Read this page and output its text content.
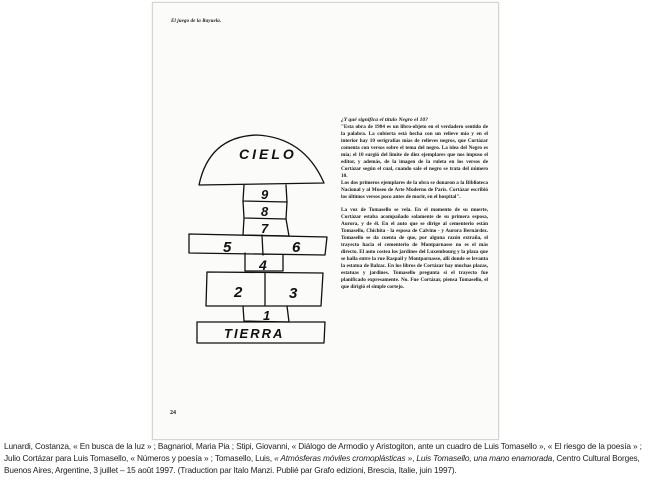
El juego de la Rayuela.
CIELO
9
8
7
5	6
4
2	3
1
TIERRA
24

¿Y qué significa el título Negro el 10?

"Esta obra de 1984 es un libro-objeto en el verdadero sentido de la palabra. La cubierta está hecha con un relieve mío y en el interior hay 10 serigrafías mías de relieves negros, que Cortázar comenta con versos sobre el tema del negro. La idea del Negro es mía; el 10 surgió del límite de diez ejemplares que nos impuso el editor, y además, de la imagen de la ruleta en los versos de Cortázar según el cual, cuando sale el negro se trata del número 10.

Los dos primeros ejemplares de la obra se donaron a la Biblioteca Nacional y al Museo de Arte Moderno de París. Cortázar escribió los últimos versos poco antes de morir, en el hospital".

La voz de Tomasello se vela. En el momento de su muerte, Cortázar estaba acompañado solamente de su primera esposa, Aurora, y de él. En el auto que se dirige al cementerio están Tomasello, Chichita - la esposa de Calvino - y Aurora Bernárdez. Tomasello se da cuenta de que, por alguna razón extraña, el trayecto hacia el cementerio de Montparnasse no es el más directo. El auto costea los jardines del Luxembourg y la plaza que se halla entre la rue Raspail y Montparnasse, allí donde se levanta la estatua de Balzac. En los libros de Cortázar hay muchas plazas, estatuas y jardines. Tomasello pregunta si el trayecto fue planificado expresamente. No. Fue Cortázar, piensa Tomasello, el que dirigió el simple cortejo.

Lunardi, Costanza, « En busca de la luz » ; Bagnariol, Maria Pia ; Stipi, Giovanni, « Diálogo de Armodio y Aristogiton, ante un cuadro de Luis Tomasello », « El riesgo de la poesía » ; Julio Cortázar para Luis Tomasello, « Números y poesía » ; Tomasello, Luis, « Atmósferas móviles cromoplásticas », Luis Tomasello, una mano enamorada, Centro Cultural Borges, Buenos Aires, Argentine, 3 juillet – 15 août 1997. (Traduction par Italo Manzi. Publié par Grafo edizioni, Brescia, Italie, juin 1997).
